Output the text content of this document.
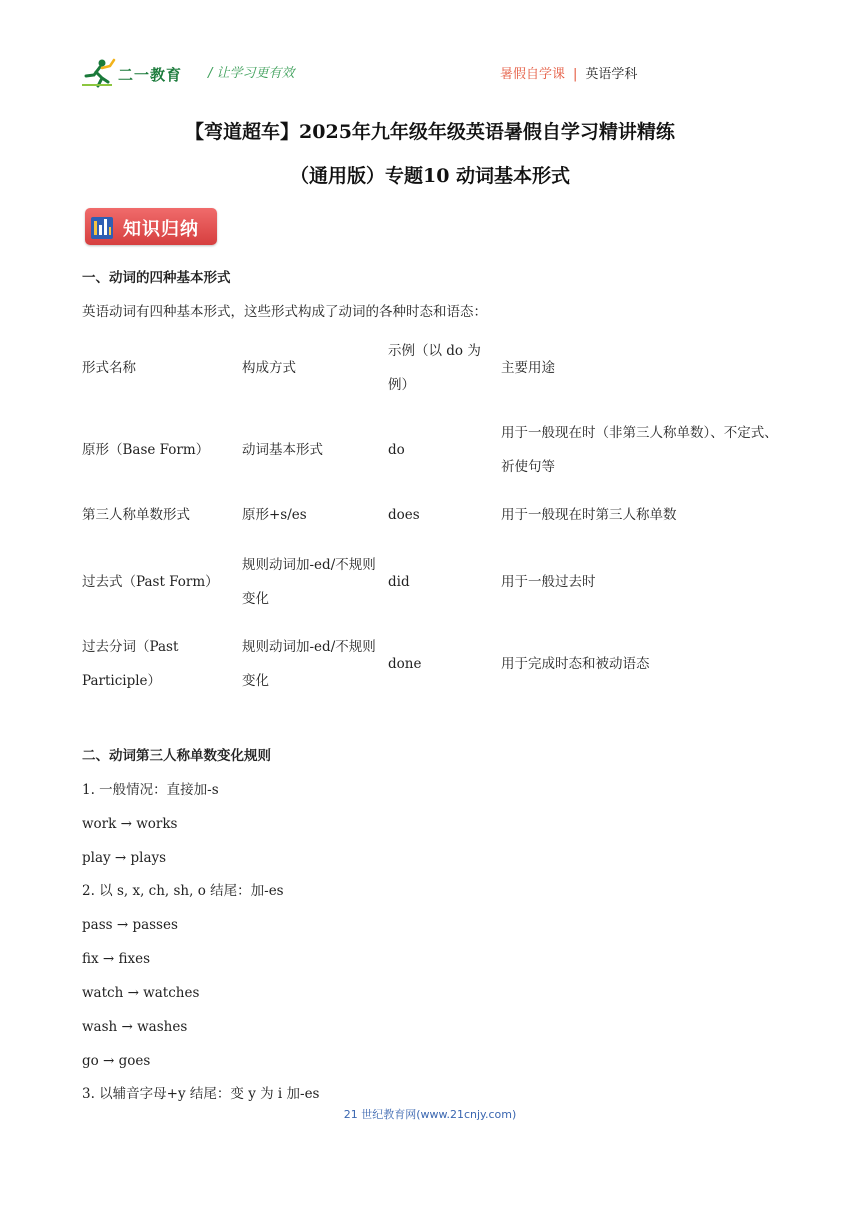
二一教育 / 让学习更有效	暑假自学课 | 英语学科
【弯道超车】2025年九年级年级英语暑假自学习精讲精练
（通用版）专题10 动词基本形式
知识归纳
一、动词的四种基本形式
英语动词有四种基本形式，这些形式构成了动词的各种时态和语态：
形式名称	构成方式	示例（以 do 为例）	主要用途
原形（Base Form）	动词基本形式	do	用于一般现在时（非第三人称单数）、不定式、祈使句等
第三人称单数形式	原形+s/es	does	用于一般现在时第三人称单数
过去式（Past Form）	规则动词加-ed/不规则变化	did	用于一般过去时
过去分词（Past Participle）	规则动词加-ed/不规则变化	done	用于完成时态和被动语态
二、动词第三人称单数变化规则
1. 一般情况：直接加-s
work → works
play → plays
2. 以 s, x, ch, sh, o 结尾：加-es
pass → passes
fix → fixes
watch → watches
wash → washes
go → goes
3. 以辅音字母+y 结尾：变 y 为 i 加-es
21 世纪教育网(www.21cnjy.com)
